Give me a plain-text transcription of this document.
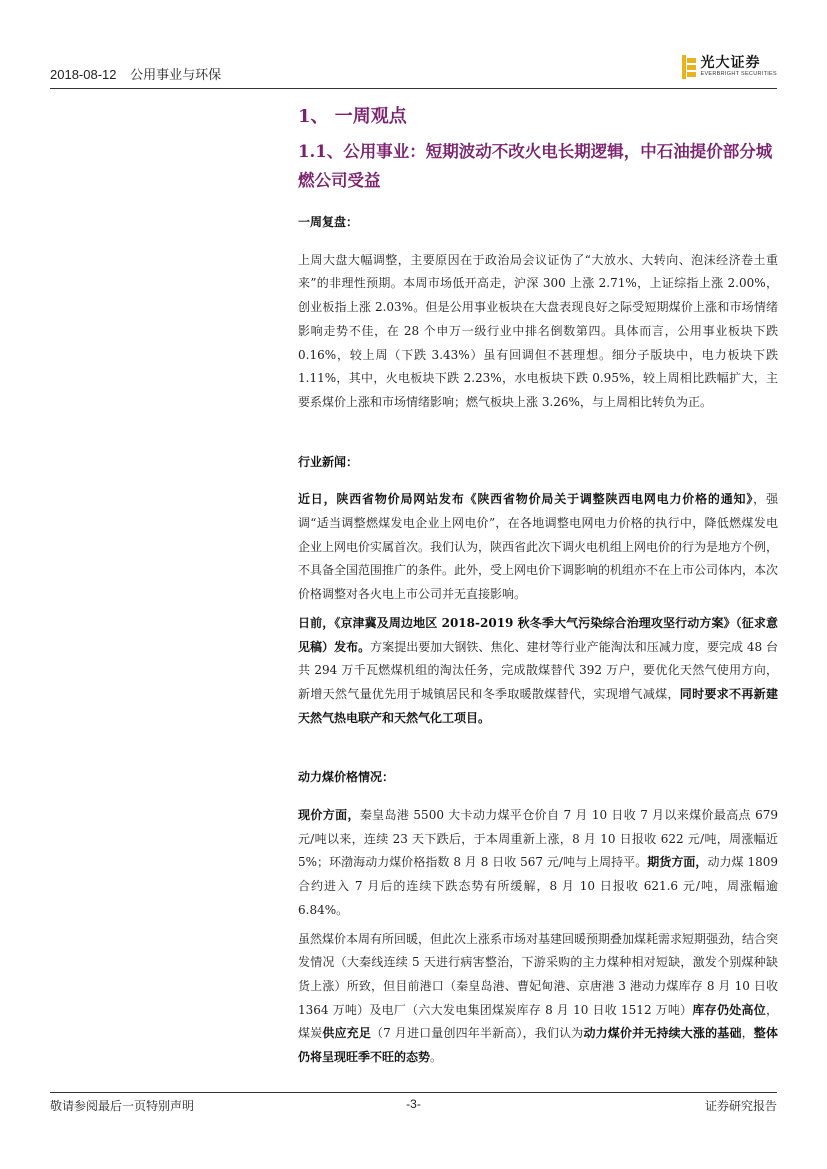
2018-08-12 公用事业与环保
光大证券
EVERBRIGHT SECURITIES
1、 一周观点
1.1、公用事业：短期波动不改火电长期逻辑，中石油提价部分城燃公司受益

一周复盘：

上周大盘大幅调整，主要原因在于政治局会议证伪了“大放水、大转向、泡沫经济卷土重来”的非理性预期。本周市场低开高走，沪深 300 上涨 2.71%，上证综指上涨 2.00%，创业板指上涨 2.03%。但是公用事业板块在大盘表现良好之际受短期煤价上涨和市场情绪影响走势不佳，在 28 个申万一级行业中排名倒数第四。具体而言，公用事业板块下跌 0.16%，较上周（下跌 3.43%）虽有回调但不甚理想。细分子版块中，电力板块下跌 1.11%，其中，火电板块下跌 2.23%，水电板块下跌 0.95%，较上周相比跌幅扩大，主要系煤价上涨和市场情绪影响；燃气板块上涨 3.26%，与上周相比转负为正。

行业新闻：

近日，陕西省物价局网站发布《陕西省物价局关于调整陕西电网电力价格的通知》，强调“适当调整燃煤发电企业上网电价”，在各地调整电网电力价格的执行中，降低燃煤发电企业上网电价实属首次。我们认为，陕西省此次下调火电机组上网电价的行为是地方个例，不具备全国范围推广的条件。此外，受上网电价下调影响的机组亦不在上市公司体内，本次价格调整对各火电上市公司并无直接影响。

日前，《京津冀及周边地区 2018-2019 秋冬季大气污染综合治理攻坚行动方案》（征求意见稿）发布。方案提出要加大钢铁、焦化、建材等行业产能淘汰和压减力度，要完成 48 台共 294 万千瓦燃煤机组的淘汰任务，完成散煤替代 392 万户，要优化天然气使用方向，新增天然气量优先用于城镇居民和冬季取暖散煤替代，实现增气减煤，同时要求不再新建天然气热电联产和天然气化工项目。

动力煤价格情况：

现价方面，秦皇岛港 5500 大卡动力煤平仓价自 7 月 10 日收 7 月以来煤价最高点 679 元/吨以来，连续 23 天下跌后，于本周重新上涨，8 月 10 日报收 622 元/吨，周涨幅近 5%；环渤海动力煤价格指数 8 月 8 日收 567 元/吨与上周持平。期货方面，动力煤 1809 合约进入 7 月后的连续下跌态势有所缓解，8 月 10 日报收 621.6 元/吨，周涨幅逾 6.84%。

虽然煤价本周有所回暖，但此次上涨系市场对基建回暖预期叠加煤耗需求短期强劲，结合突发情况（大秦线连续 5 天进行病害整治，下游采购的主力煤种相对短缺，激发个别煤种缺货上涨）所致，但目前港口（秦皇岛港、曹妃甸港、京唐港 3 港动力煤库存 8 月 10 日收 1364 万吨）及电厂（六大发电集团煤炭库存 8 月 10 日收 1512 万吨）库存仍处高位，煤炭供应充足（7 月进口量创四年半新高），我们认为动力煤价并无持续大涨的基础，整体仍将呈现旺季不旺的态势。

敬请参阅最后一页特别声明	-3-	证券研究报告
